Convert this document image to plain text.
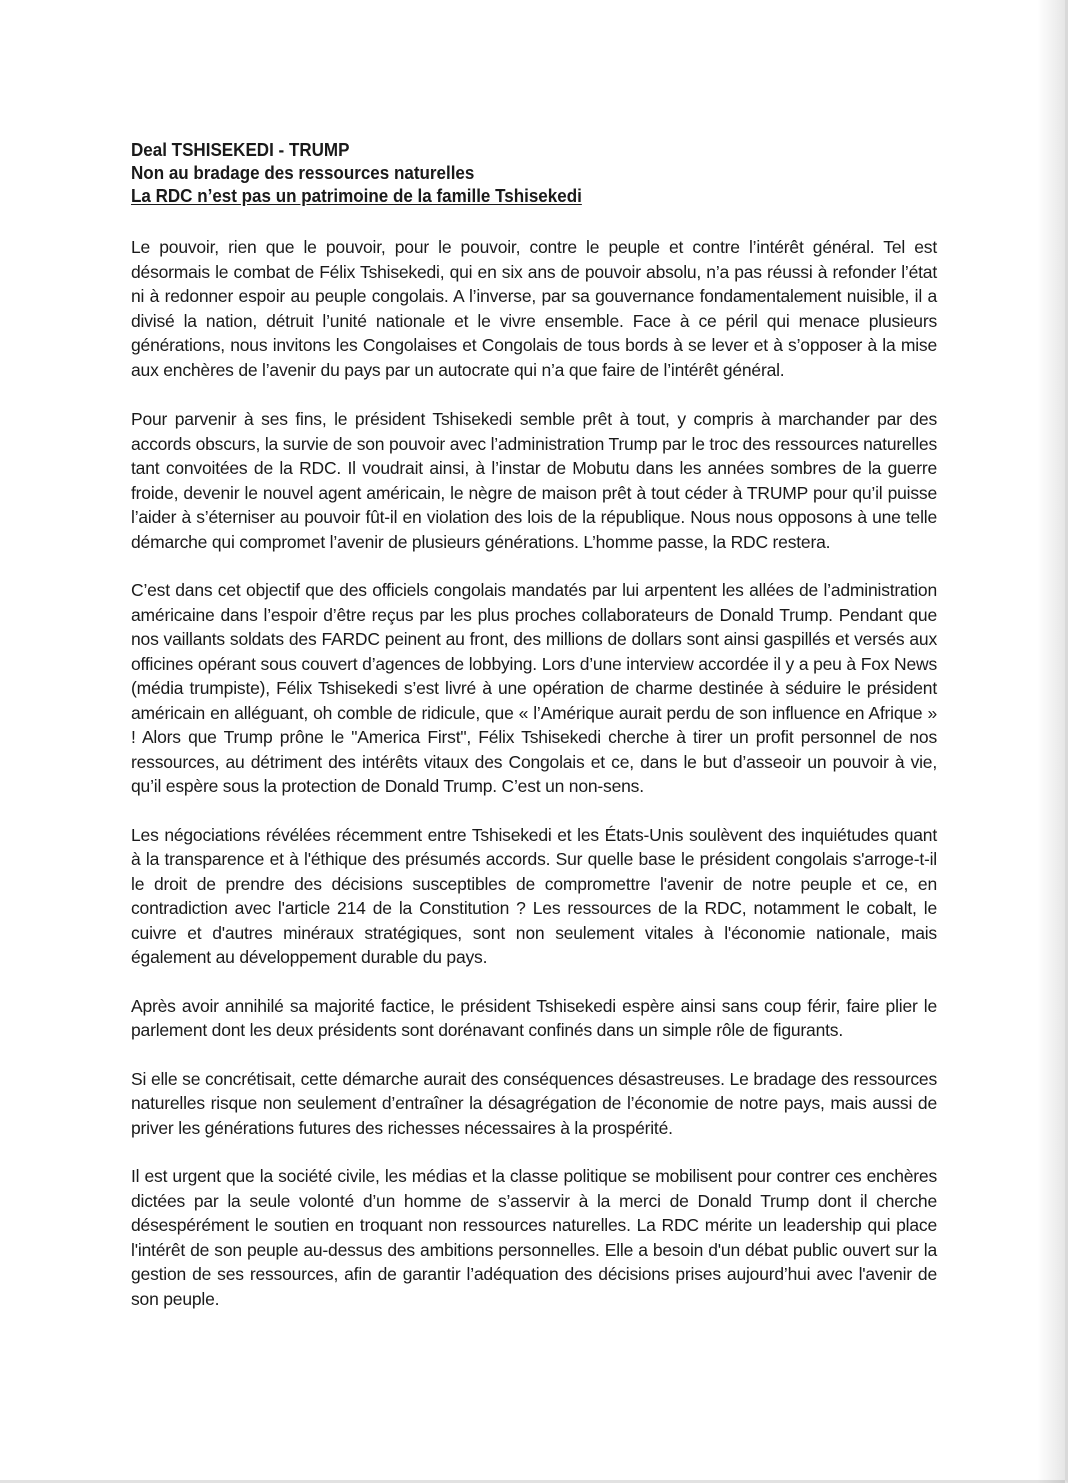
Deal TSHISEKEDI - TRUMP

Non au bradage des ressources naturelles

La RDC n’est pas un patrimoine de la famille Tshisekedi

Le pouvoir, rien que le pouvoir, pour le pouvoir, contre le peuple et contre l’intérêt général. Tel est désormais le combat de Félix Tshisekedi, qui en six ans de pouvoir absolu, n’a pas réussi à refonder l’état ni à redonner espoir au peuple congolais. A l’inverse, par sa gouvernance fondamentalement nuisible, il a divisé la nation, détruit l’unité nationale et le vivre ensemble. Face à ce péril qui menace plusieurs générations, nous invitons les Congolaises et Congolais de tous bords à se lever et à s’opposer à la mise aux enchères de l’avenir du pays par un autocrate qui n’a que faire de l’intérêt général.

Pour parvenir à ses fins, le président Tshisekedi semble prêt à tout, y compris à marchander par des accords obscurs, la survie de son pouvoir avec l’administration Trump par le troc des ressources naturelles tant convoitées de la RDC. Il voudrait ainsi, à l’instar de Mobutu dans les années sombres de la guerre froide, devenir le nouvel agent américain, le nègre de maison prêt à tout céder à TRUMP pour qu’il puisse l’aider à s’éterniser au pouvoir fût-il en violation des lois de la république. Nous nous opposons à une telle démarche qui compromet l’avenir de plusieurs générations. L’homme passe, la RDC restera.

C’est dans cet objectif que des officiels congolais mandatés par lui arpentent les allées de l’administration américaine dans l’espoir d’être reçus par les plus proches collaborateurs de Donald Trump. Pendant que nos vaillants soldats des FARDC peinent au front, des millions de dollars sont ainsi gaspillés et versés aux officines opérant sous couvert d’agences de lobbying. Lors d’une interview accordée il y a peu à Fox News (média trumpiste), Félix Tshisekedi s’est livré à une opération de charme destinée à séduire le président américain en alléguant, oh comble de ridicule, que « l’Amérique aurait perdu de son influence en Afrique » ! Alors que Trump prône le "America First", Félix Tshisekedi cherche à tirer un profit personnel de nos ressources, au détriment des intérêts vitaux des Congolais et ce, dans le but d’asseoir un pouvoir à vie, qu’il espère sous la protection de Donald Trump. C’est un non-sens.

Les négociations révélées récemment entre Tshisekedi et les États-Unis soulèvent des inquiétudes quant à la transparence et à l'éthique des présumés accords. Sur quelle base le président congolais s'arroge-t-il le droit de prendre des décisions susceptibles de compromettre l'avenir de notre peuple et ce, en contradiction avec l'article 214 de la Constitution ? Les ressources de la RDC, notamment le cobalt, le cuivre et d'autres minéraux stratégiques, sont non seulement vitales à l'économie nationale, mais également au développement durable du pays.

Après avoir annihilé sa majorité factice, le président Tshisekedi espère ainsi sans coup férir, faire plier le parlement dont les deux présidents sont dorénavant confinés dans un simple rôle de figurants.

Si elle se concrétisait, cette démarche aurait des conséquences désastreuses. Le bradage des ressources naturelles risque non seulement d’entraîner la désagrégation de l’économie de notre pays, mais aussi de priver les générations futures des richesses nécessaires à la prospérité.

Il est urgent que la société civile, les médias et la classe politique se mobilisent pour contrer ces enchères dictées par la seule volonté d’un homme de s’asservir à la merci de Donald Trump dont il cherche désespérément le soutien en troquant non ressources naturelles. La RDC mérite un leadership qui place l'intérêt de son peuple au-dessus des ambitions personnelles. Elle a besoin d'un débat public ouvert sur la gestion de ses ressources, afin de garantir l’adéquation des décisions prises aujourd’hui avec l'avenir de son peuple.
